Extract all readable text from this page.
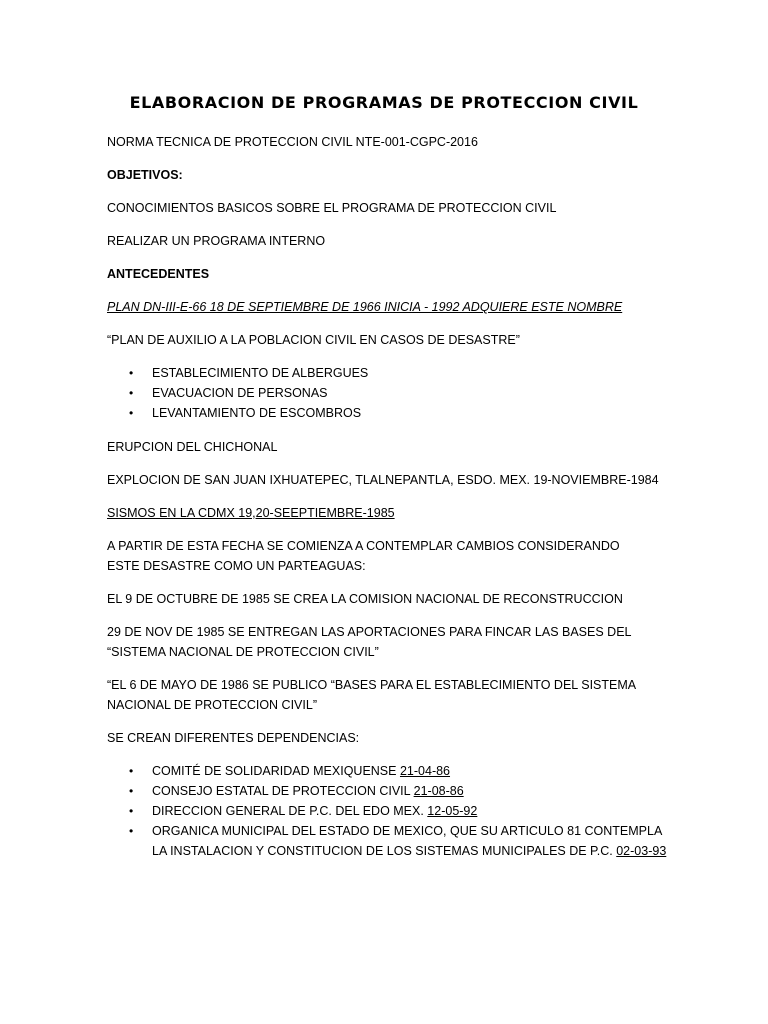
ELABORACION DE PROGRAMAS DE PROTECCION CIVIL

NORMA TECNICA DE PROTECCION CIVIL NTE-001-CGPC-2016

OBJETIVOS:

CONOCIMIENTOS BASICOS SOBRE EL PROGRAMA DE PROTECCION CIVIL

REALIZAR UN PROGRAMA INTERNO

ANTECEDENTES

PLAN DN-III-E-66 18 DE SEPTIEMBRE DE 1966 INICIA - 1992 ADQUIERE ESTE NOMBRE

“PLAN DE AUXILIO A LA POBLACION CIVIL EN CASOS DE DESASTRE”

• ESTABLECIMIENTO DE ALBERGUES
• EVACUACION DE PERSONAS
• LEVANTAMIENTO DE ESCOMBROS

ERUPCION DEL CHICHONAL

EXPLOCION DE SAN JUAN IXHUATEPEC, TLALNEPANTLA, ESDO. MEX. 19-NOVIEMBRE-1984

SISMOS EN LA CDMX 19,20-SEEPTIEMBRE-1985

A PARTIR DE ESTA FECHA SE COMIENZA A CONTEMPLAR CAMBIOS CONSIDERANDO ESTE DESASTRE COMO UN PARTEAGUAS:

EL 9 DE OCTUBRE DE 1985 SE CREA LA COMISION NACIONAL DE RECONSTRUCCION

29 DE NOV DE 1985 SE ENTREGAN LAS APORTACIONES PARA FINCAR LAS BASES DEL “SISTEMA NACIONAL DE PROTECCION CIVIL”

“EL 6 DE MAYO DE 1986 SE PUBLICO “BASES PARA EL ESTABLECIMIENTO DEL SISTEMA NACIONAL DE PROTECCION CIVIL”

SE CREAN DIFERENTES DEPENDENCIAS:

• COMITÉ DE SOLIDARIDAD MEXIQUENSE 21-04-86
• CONSEJO ESTATAL DE PROTECCION CIVIL 21-08-86
• DIRECCION GENERAL DE P.C. DEL EDO MEX. 12-05-92
• ORGANICA MUNICIPAL DEL ESTADO DE MEXICO, QUE SU ARTICULO 81 CONTEMPLA LA INSTALACION Y CONSTITUCION DE LOS SISTEMAS MUNICIPALES DE P.C. 02-03-93
